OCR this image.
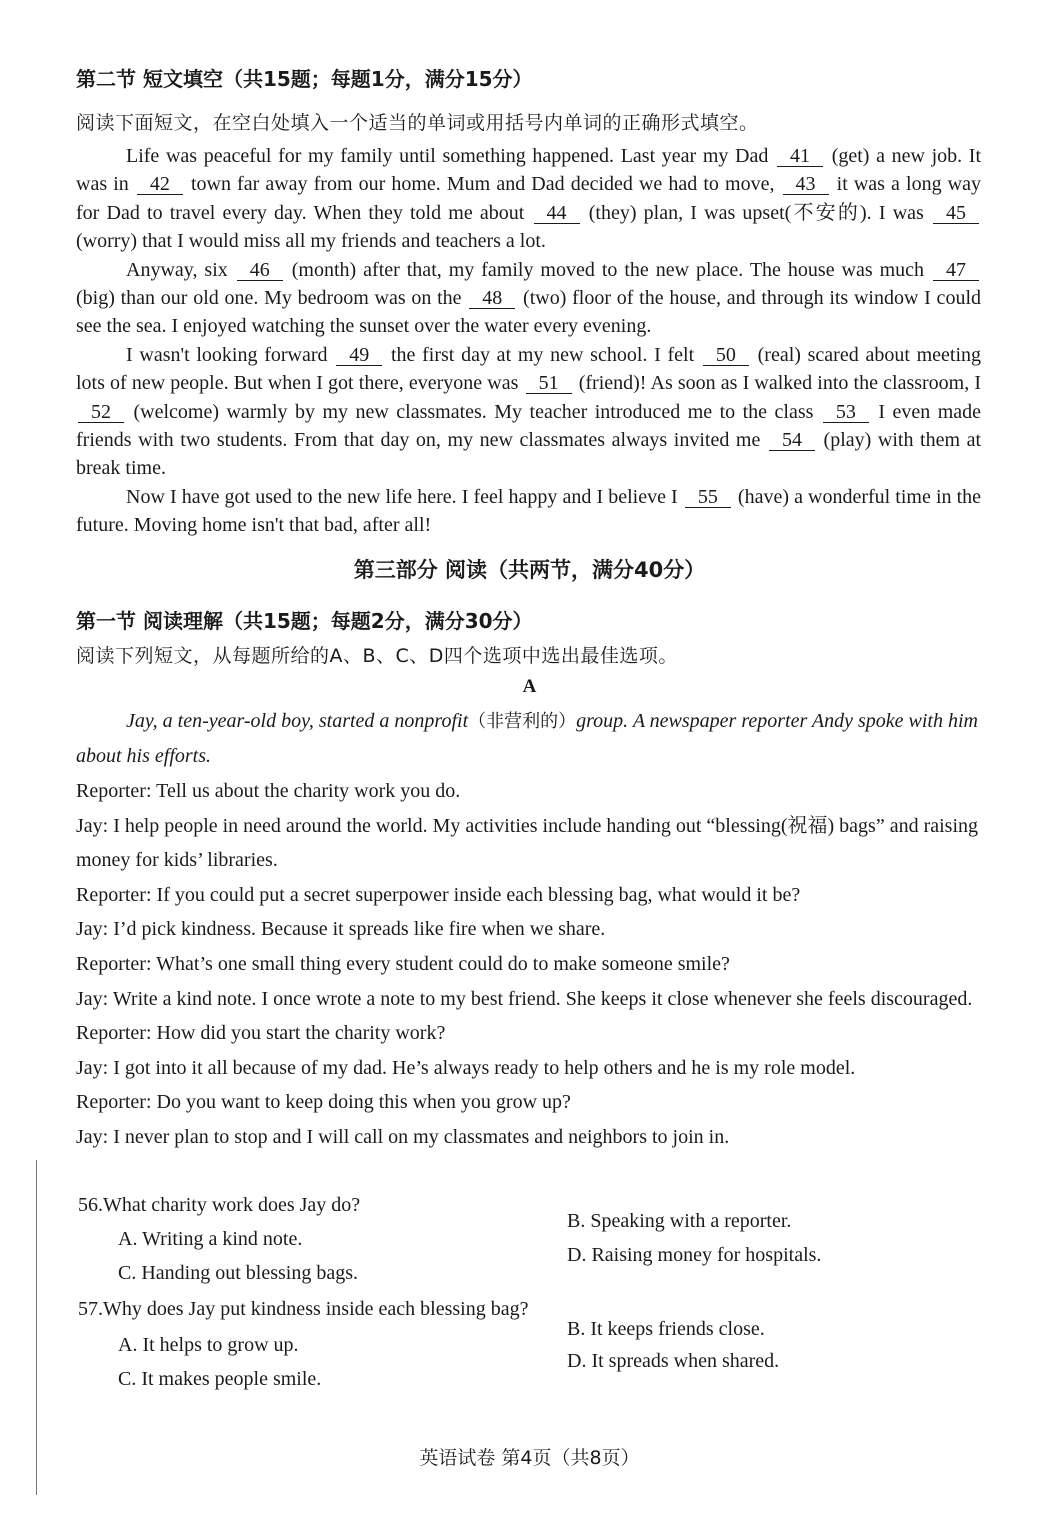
第二节 短文填空（共15题；每题1分，满分15分）
阅读下面短文，在空白处填入一个适当的单词或用括号内单词的正确形式填空。

Life was peaceful for my family until something happened. Last year my Dad 41 (get) a new job. It was in 42 town far away from our home. Mum and Dad decided we had to move, 43 it was a long way for Dad to travel every day. When they told me about 44 (they) plan, I was upset(不安的). I was 45 (worry) that I would miss all my friends and teachers a lot.

Anyway, six 46 (month) after that, my family moved to the new place. The house was much 47 (big) than our old one. My bedroom was on the 48 (two) floor of the house, and through its window I could see the sea. I enjoyed watching the sunset over the water every evening.

I wasn't looking forward 49 the first day at my new school. I felt 50 (real) scared about meeting lots of new people. But when I got there, everyone was 51 (friend)! As soon as I walked into the classroom, I 52 (welcome) warmly by my new classmates. My teacher introduced me to the class 53 I even made friends with two students. From that day on, my new classmates always invited me 54 (play) with them at break time.

Now I have got used to the new life here. I feel happy and I believe I 55 (have) a wonderful time in the future. Moving home isn't that bad, after all!

第三部分 阅读（共两节，满分40分）
第一节 阅读理解（共15题；每题2分，满分30分）
阅读下列短文，从每题所给的A、B、C、D四个选项中选出最佳选项。
A
Jay, a ten-year-old boy, started a nonprofit（非营利的）group. A newspaper reporter Andy spoke with him about his efforts.

Reporter: Tell us about the charity work you do.

Jay: I help people in need around the world. My activities include handing out “blessing(祝福) bags” and raising money for kids’ libraries.

Reporter: If you could put a secret superpower inside each blessing bag, what would it be?

Jay: I’d pick kindness. Because it spreads like fire when we share.

Reporter: What’s one small thing every student could do to make someone smile?

Jay: Write a kind note. I once wrote a note to my best friend. She keeps it close whenever she feels discouraged.

Reporter: How did you start the charity work?

Jay: I got into it all because of my dad. He’s always ready to help others and he is my role model.

Reporter: Do you want to keep doing this when you grow up?

Jay: I never plan to stop and I will call on my classmates and neighbors to join in.

56.What charity work does Jay do?
A. Writing a kind note.
B. Speaking with a reporter.
C. Handing out blessing bags.
D. Raising money for hospitals.
57.Why does Jay put kindness inside each blessing bag?
A. It helps to grow up.
B. It keeps friends close.
C. It makes people smile.
D. It spreads when shared.
英语试卷 第4页（共8页）
